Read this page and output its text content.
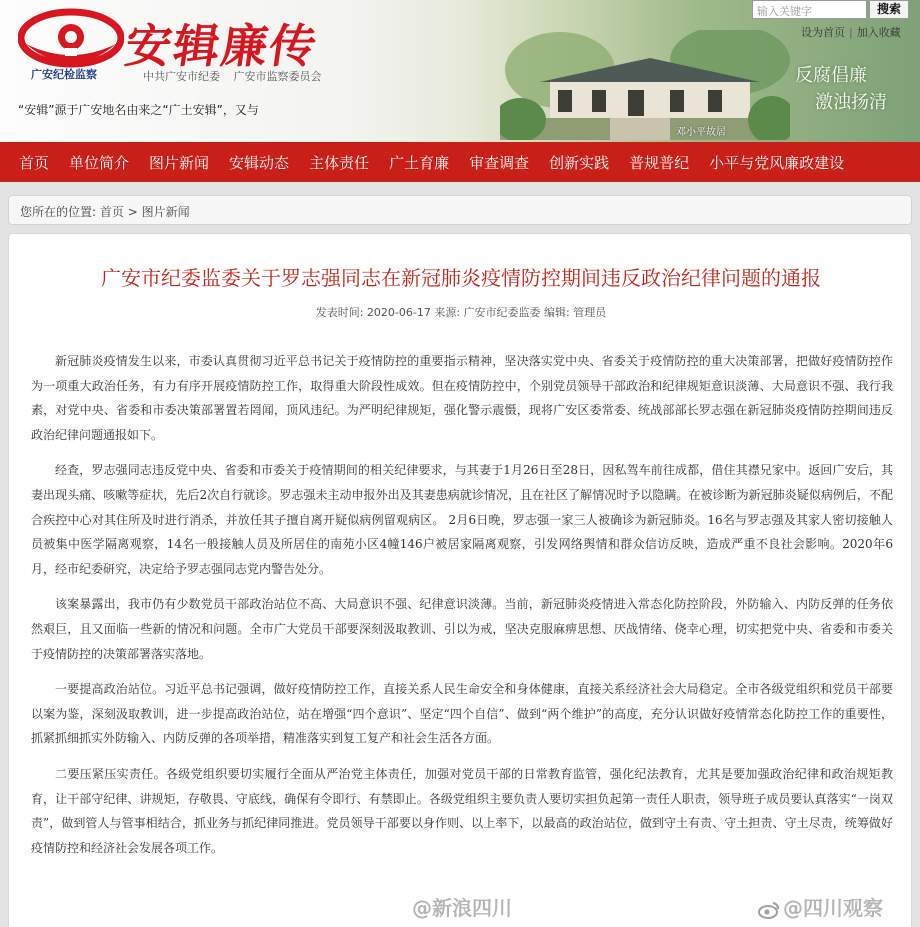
广安纪检监察
安辑廉传
中共广安市纪委 广安市监察委员会
“安辑”源于广安地名由来之“广土安辑”，又与
邓小平故居
输入关键字	搜索
设为首页 | 加入收藏
反腐倡廉
激浊扬清
首页 单位简介 图片新闻 安辑动态 主体责任 广土育廉 审查调查 创新实践 普规普纪 小平与党风廉政建设
您所在的位置: 首页 > 图片新闻
广安市纪委监委关于罗志强同志在新冠肺炎疫情防控期间违反政治纪律问题的通报
发表时间: 2020-06-17 来源: 广安市纪委监委 编辑: 管理员

新冠肺炎疫情发生以来，市委认真贯彻习近平总书记关于疫情防控的重要指示精神，坚决落实党中央、省委关于疫情防控的重大决策部署，把做好疫情防控作为一项重大政治任务，有力有序开展疫情防控工作，取得重大阶段性成效。但在疫情防控中，个别党员领导干部政治和纪律规矩意识淡薄、大局意识不强、我行我素，对党中央、省委和市委决策部署置若罔闻，顶风违纪。为严明纪律规矩，强化警示震慑，现将广安区委常委、统战部部长罗志强在新冠肺炎疫情防控期间违反政治纪律问题通报如下。

经查，罗志强同志违反党中央、省委和市委关于疫情期间的相关纪律要求，与其妻于1月26日至28日，因私驾车前往成都，借住其襟兄家中。返回广安后，其妻出现头痛、咳嗽等症状，先后2次自行就诊。罗志强未主动申报外出及其妻患病就诊情况，且在社区了解情况时予以隐瞒。在被诊断为新冠肺炎疑似病例后，不配合疾控中心对其住所及时进行消杀，并放任其子擅自离开疑似病例留观病区。 2月6日晚，罗志强一家三人被确诊为新冠肺炎。16名与罗志强及其家人密切接触人员被集中医学隔离观察，14名一般接触人员及所居住的南苑小区4幢146户被居家隔离观察，引发网络舆情和群众信访反映，造成严重不良社会影响。2020年6月，经市纪委研究，决定给予罗志强同志党内警告处分。

该案暴露出，我市仍有少数党员干部政治站位不高、大局意识不强、纪律意识淡薄。当前，新冠肺炎疫情进入常态化防控阶段，外防输入、内防反弹的任务依然艰巨，且又面临一些新的情况和问题。全市广大党员干部要深刻汲取教训、引以为戒，坚决克服麻痹思想、厌战情绪、侥幸心理，切实把党中央、省委和市委关于疫情防控的决策部署落实落地。

一要提高政治站位。习近平总书记强调，做好疫情防控工作，直接关系人民生命安全和身体健康，直接关系经济社会大局稳定。全市各级党组织和党员干部要以案为鉴，深刻汲取教训，进一步提高政治站位，站在增强“四个意识”、坚定“四个自信”、做到“两个维护”的高度，充分认识做好疫情常态化防控工作的重要性，抓紧抓细抓实外防输入、内防反弹的各项举措，精准落实到复工复产和社会生活各方面。

二要压紧压实责任。各级党组织要切实履行全面从严治党主体责任，加强对党员干部的日常教育监管，强化纪法教育，尤其是要加强政治纪律和政治规矩教育，让干部守纪律、讲规矩，存敬畏、守底线，确保有令即行、有禁即止。各级党组织主要负责人要切实担负起第一责任人职责，领导班子成员要认真落实“一岗双责”，做到管人与管事相结合，抓业务与抓纪律同推进。党员领导干部要以身作则、以上率下，以最高的政治站位，做到守土有责、守土担责、守土尽责，统筹做好疫情防控和经济社会发展各项工作。

@新浪四川	@四川观察
